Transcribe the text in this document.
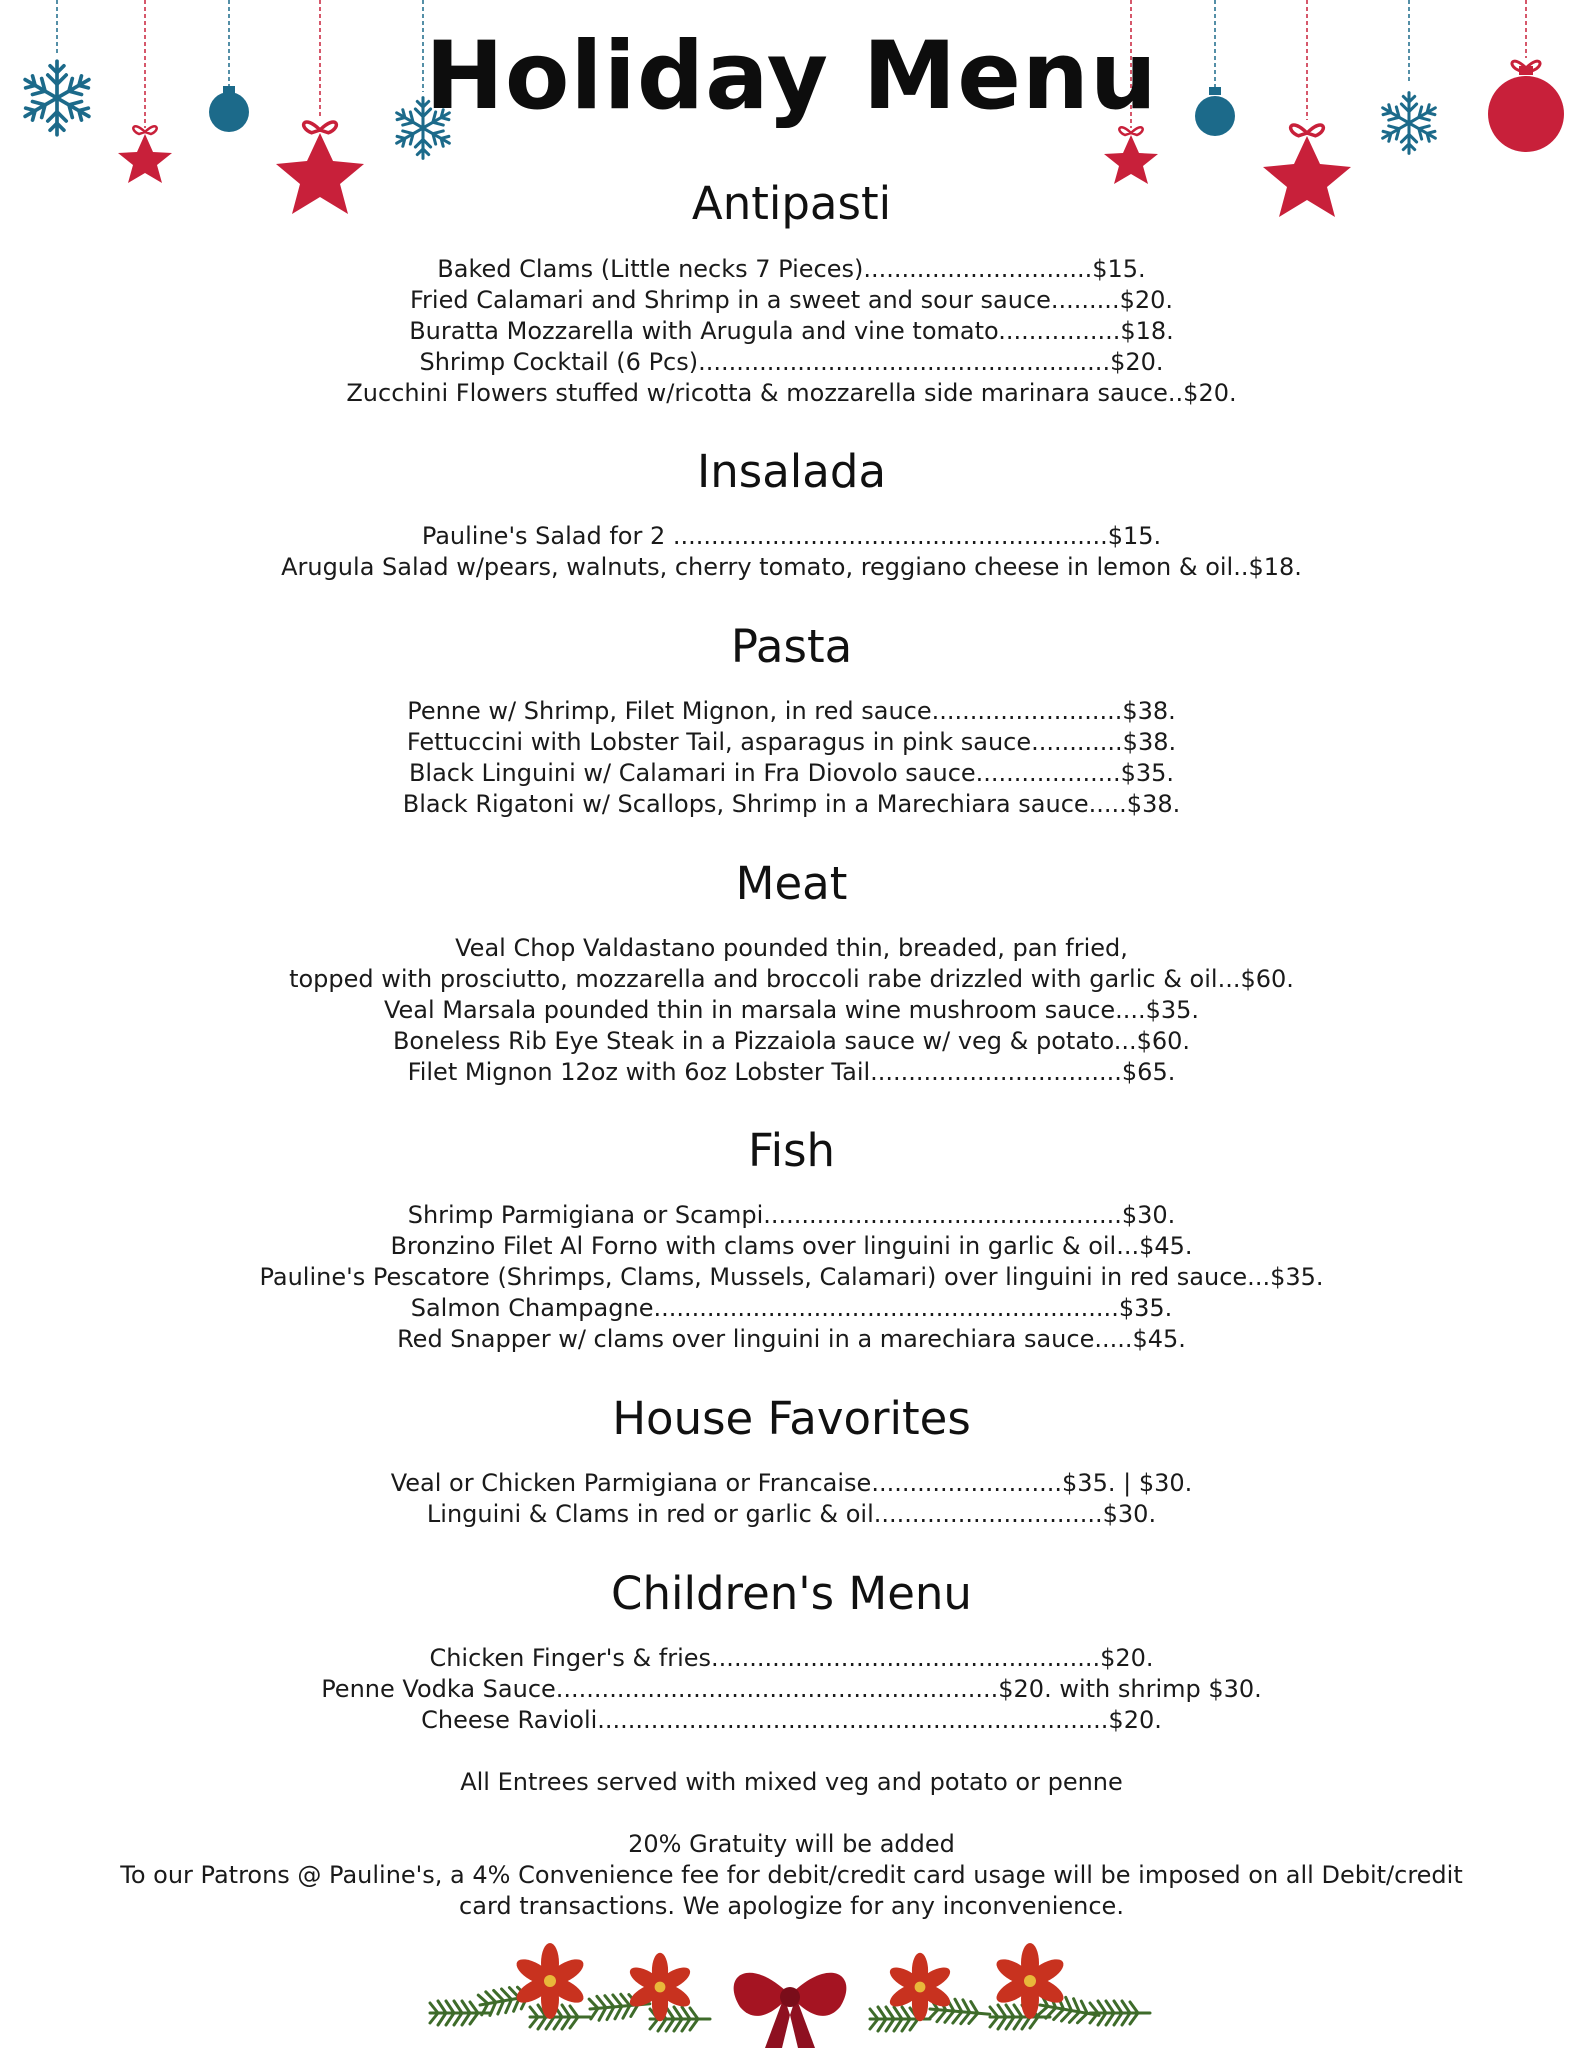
Holiday Menu
Antipasti

Baked Clams (Little necks 7 Pieces)..............................$15.

Fried Calamari and Shrimp in a sweet and sour sauce.........$20.

Buratta Mozzarella with Arugula and vine tomato................$18.

Shrimp Cocktail (6 Pcs)......................................................$20.

Zucchini Flowers stuffed w/ricotta & mozzarella side marinara sauce..$20.

Insalada

Pauline's Salad for 2 .........................................................$15.

Arugula Salad w/pears, walnuts, cherry tomato, reggiano cheese in lemon & oil..$18.

Pasta

Penne w/ Shrimp, Filet Mignon, in red sauce.........................$38.

Fettuccini with Lobster Tail, asparagus in pink sauce............$38.

Black Linguini w/ Calamari in Fra Diovolo sauce...................$35.

Black Rigatoni w/ Scallops, Shrimp in a Marechiara sauce.....$38.

Meat

Veal Chop Valdastano pounded thin, breaded, pan fried,

topped with prosciutto, mozzarella and broccoli rabe drizzled with garlic & oil...$60.

Veal Marsala pounded thin in marsala wine mushroom sauce....$35.

Boneless Rib Eye Steak in a Pizzaiola sauce w/ veg & potato...$60.

Filet Mignon 12oz with 6oz Lobster Tail.................................$65.

Fish

Shrimp Parmigiana or Scampi...............................................$30.

Bronzino Filet Al Forno with clams over linguini in garlic & oil...$45.

Pauline's Pescatore (Shrimps, Clams, Mussels, Calamari) over linguini in red sauce...$35.

Salmon Champagne.............................................................$35.

Red Snapper w/ clams over linguini in a marechiara sauce.....$45.

House Favorites

Veal or Chicken Parmigiana or Francaise.........................$35. | $30.

Linguini & Clams in red or garlic & oil..............................$30.

Children's Menu

Chicken Finger's & fries...................................................$20.

Penne Vodka Sauce..........................................................$20. with shrimp $30.

Cheese Ravioli...................................................................$20.

All Entrees served with mixed veg and potato or penne

20% Gratuity will be added

To our Patrons @ Pauline's, a 4% Convenience fee for debit/credit card usage will be imposed on all Debit/credit

card transactions. We apologize for any inconvenience.
